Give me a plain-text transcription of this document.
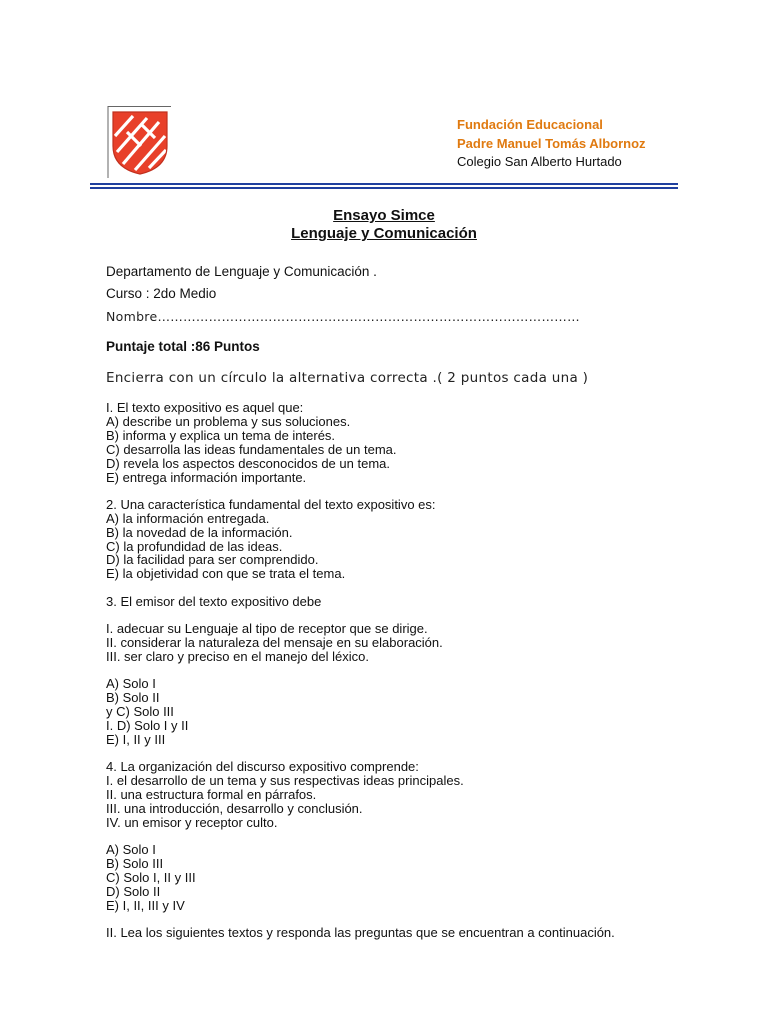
Fundación Educacional
Padre Manuel Tomás Albornoz
Colegio San Alberto Hurtado
Ensayo Simce
Lenguaje y Comunicación
Departamento de Lenguaje y Comunicación .
Curso : 2do Medio
Nombre………………………………………………………………………………………
Puntaje total :86 Puntos
Encierra con un círculo la alternativa correcta .( 2 puntos cada una )
I. El texto expositivo es aquel que:
A) describe un problema y sus soluciones.
B) informa y explica un tema de interés.
C) desarrolla las ideas fundamentales de un tema.
D) revela los aspectos desconocidos de un tema.
E) entrega información importante.
2. Una característica fundamental del texto expositivo es:
A) la información entregada.
B) la novedad de la información.
C) la profundidad de las ideas.
D) la facilidad para ser comprendido.
E) la objetividad con que se trata el tema.
3. El emisor del texto expositivo debe
I. adecuar su Lenguaje al tipo de receptor que se dirige.
II. considerar la naturaleza del mensaje en su elaboración.
III. ser claro y preciso en el manejo del léxico.
A) Solo I
B) Solo II
y C) Solo III
I. D) Solo I y II
E) I, II y III
4. La organización del discurso expositivo comprende:
I. el desarrollo de un tema y sus respectivas ideas principales.
II. una estructura formal en párrafos.
III. una introducción, desarrollo y conclusión.
IV. un emisor y receptor culto.
A) Solo I
B) Solo III
C) Solo I, II y III
D) Solo II
E) I, II, III y IV
II. Lea los siguientes textos y responda las preguntas que se encuentran a continuación.
